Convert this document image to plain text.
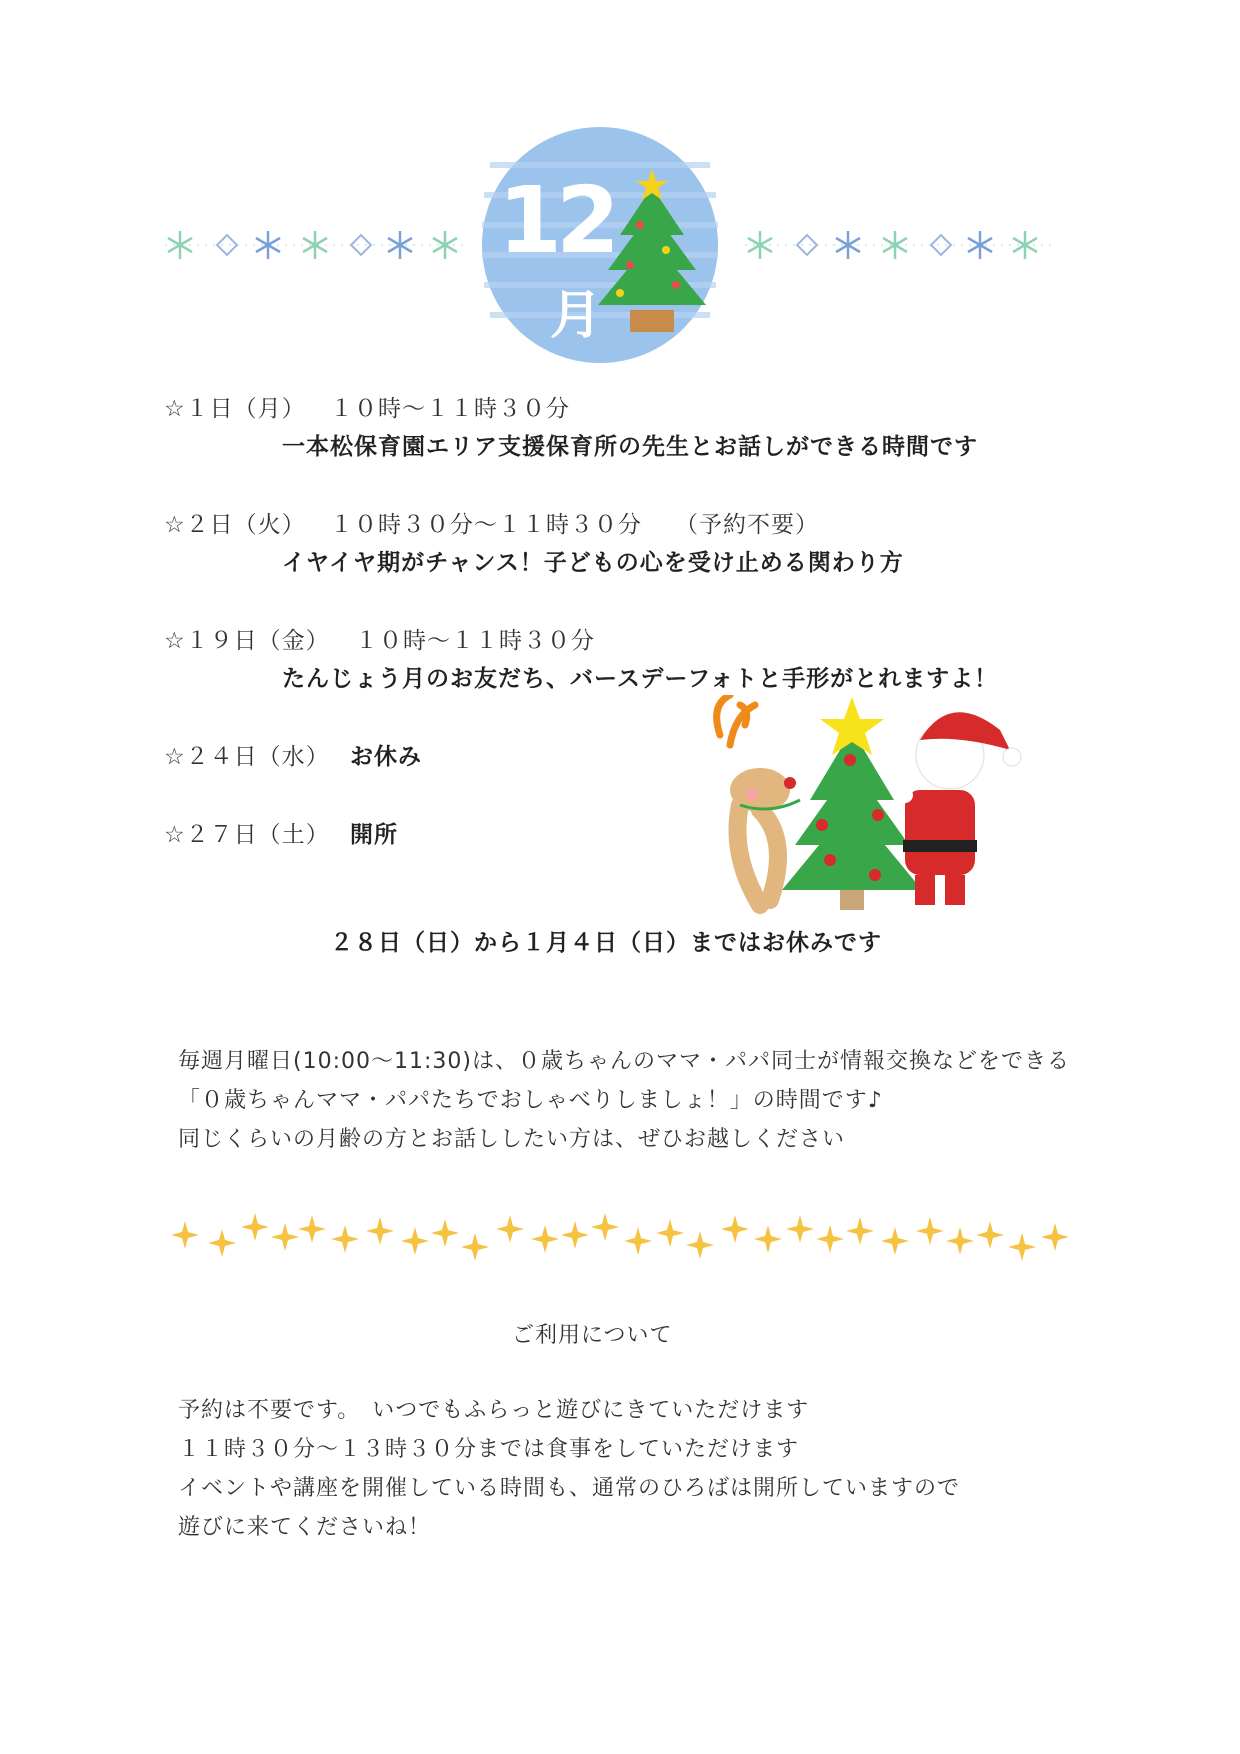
12
月
☆１日（月） １０時～１１時３０分
一本松保育園エリア支援保育所の先生とお話しができる時間です
☆２日（火） １０時３０分～１１時３０分 （予約不要）
イヤイヤ期がチャンス！子どもの心を受け止める関わり方
☆１９日（金） １０時～１１時３０分
たんじょう月のお友だち、バースデーフォトと手形がとれますよ！
☆２４日（水） お休み
☆２７日（土） 開所
２８日（日）から１月４日（日）まではお休みです
毎週月曜日(10:00～11:30)は、０歳ちゃんのママ・パパ同士が情報交換などをできる
「０歳ちゃんママ・パパたちでおしゃべりしましょ！」の時間です♪
同じくらいの月齢の方とお話ししたい方は、ぜひお越しください
ご利用について
予約は不要です。　いつでもふらっと遊びにきていただけます
１１時３０分～１３時３０分までは食事をしていただけます
イベントや講座を開催している時間も、通常のひろばは開所していますので
遊びに来てくださいね！
